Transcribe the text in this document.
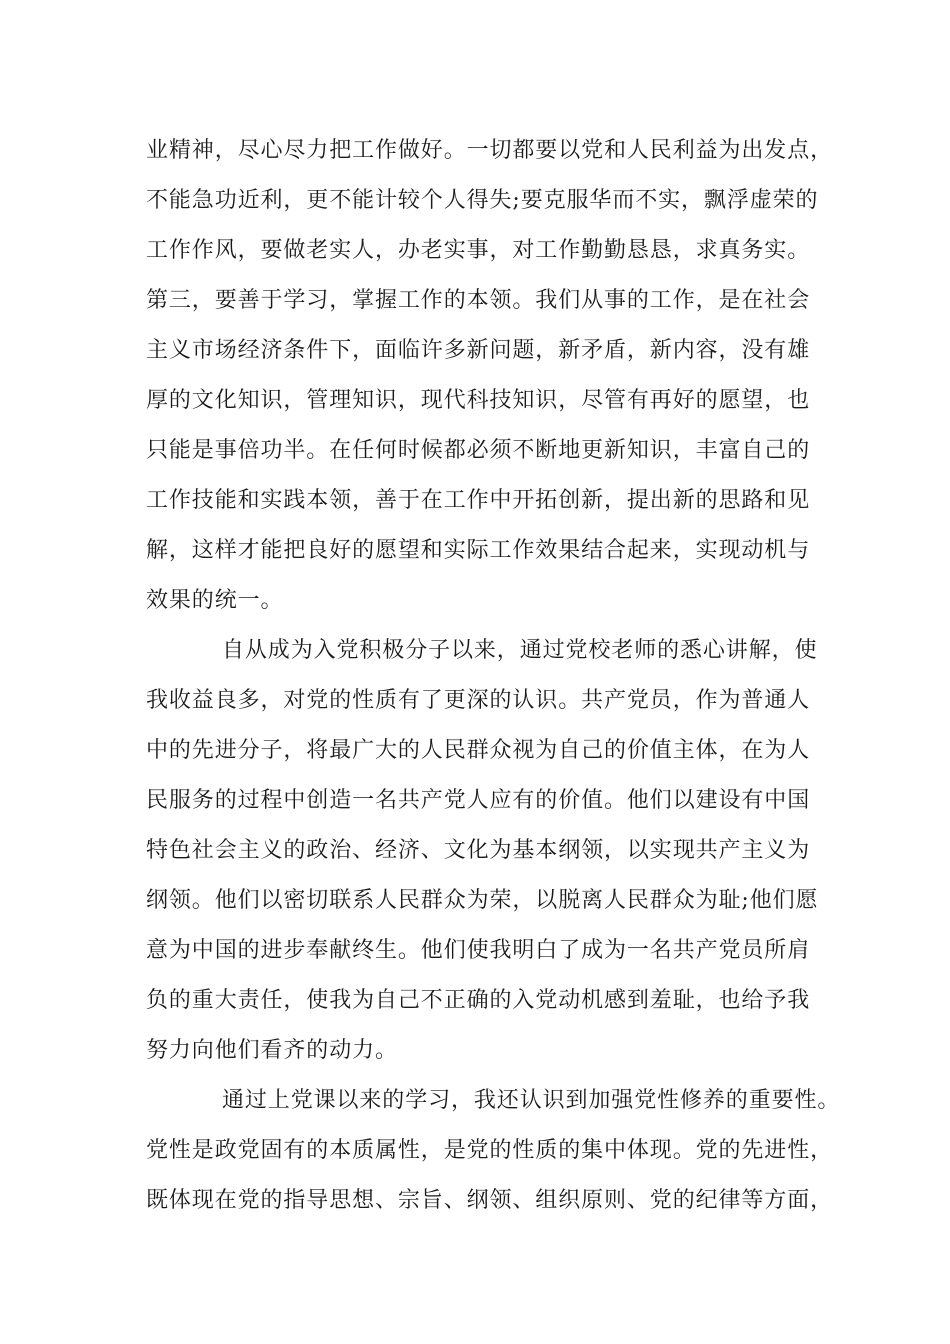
业精神，尽心尽力把工作做好。一切都要以党和人民利益为出发点，
不能急功近利，更不能计较个人得失;要克服华而不实，飘浮虚荣的
工作作风，要做老实人，办老实事，对工作勤勤恳恳，求真务实。
第三，要善于学习，掌握工作的本领。我们从事的工作，是在社会
主义市场经济条件下，面临许多新问题，新矛盾，新内容，没有雄
厚的文化知识，管理知识，现代科技知识，尽管有再好的愿望，也
只能是事倍功半。在任何时候都必须不断地更新知识，丰富自己的
工作技能和实践本领，善于在工作中开拓创新，提出新的思路和见
解，这样才能把良好的愿望和实际工作效果结合起来，实现动机与
效果的统一。
自从成为入党积极分子以来，通过党校老师的悉心讲解，使
我收益良多，对党的性质有了更深的认识。共产党员，作为普通人
中的先进分子，将最广大的人民群众视为自己的价值主体，在为人
民服务的过程中创造一名共产党人应有的价值。他们以建设有中国
特色社会主义的政治、经济、文化为基本纲领，以实现共产主义为
纲领。他们以密切联系人民群众为荣，以脱离人民群众为耻;他们愿
意为中国的进步奉献终生。他们使我明白了成为一名共产党员所肩
负的重大责任，使我为自己不正确的入党动机感到羞耻，也给予我
努力向他们看齐的动力。
通过上党课以来的学习，我还认识到加强党性修养的重要性。
党性是政党固有的本质属性，是党的性质的集中体现。党的先进性，
既体现在党的指导思想、宗旨、纲领、组织原则、党的纪律等方面，
